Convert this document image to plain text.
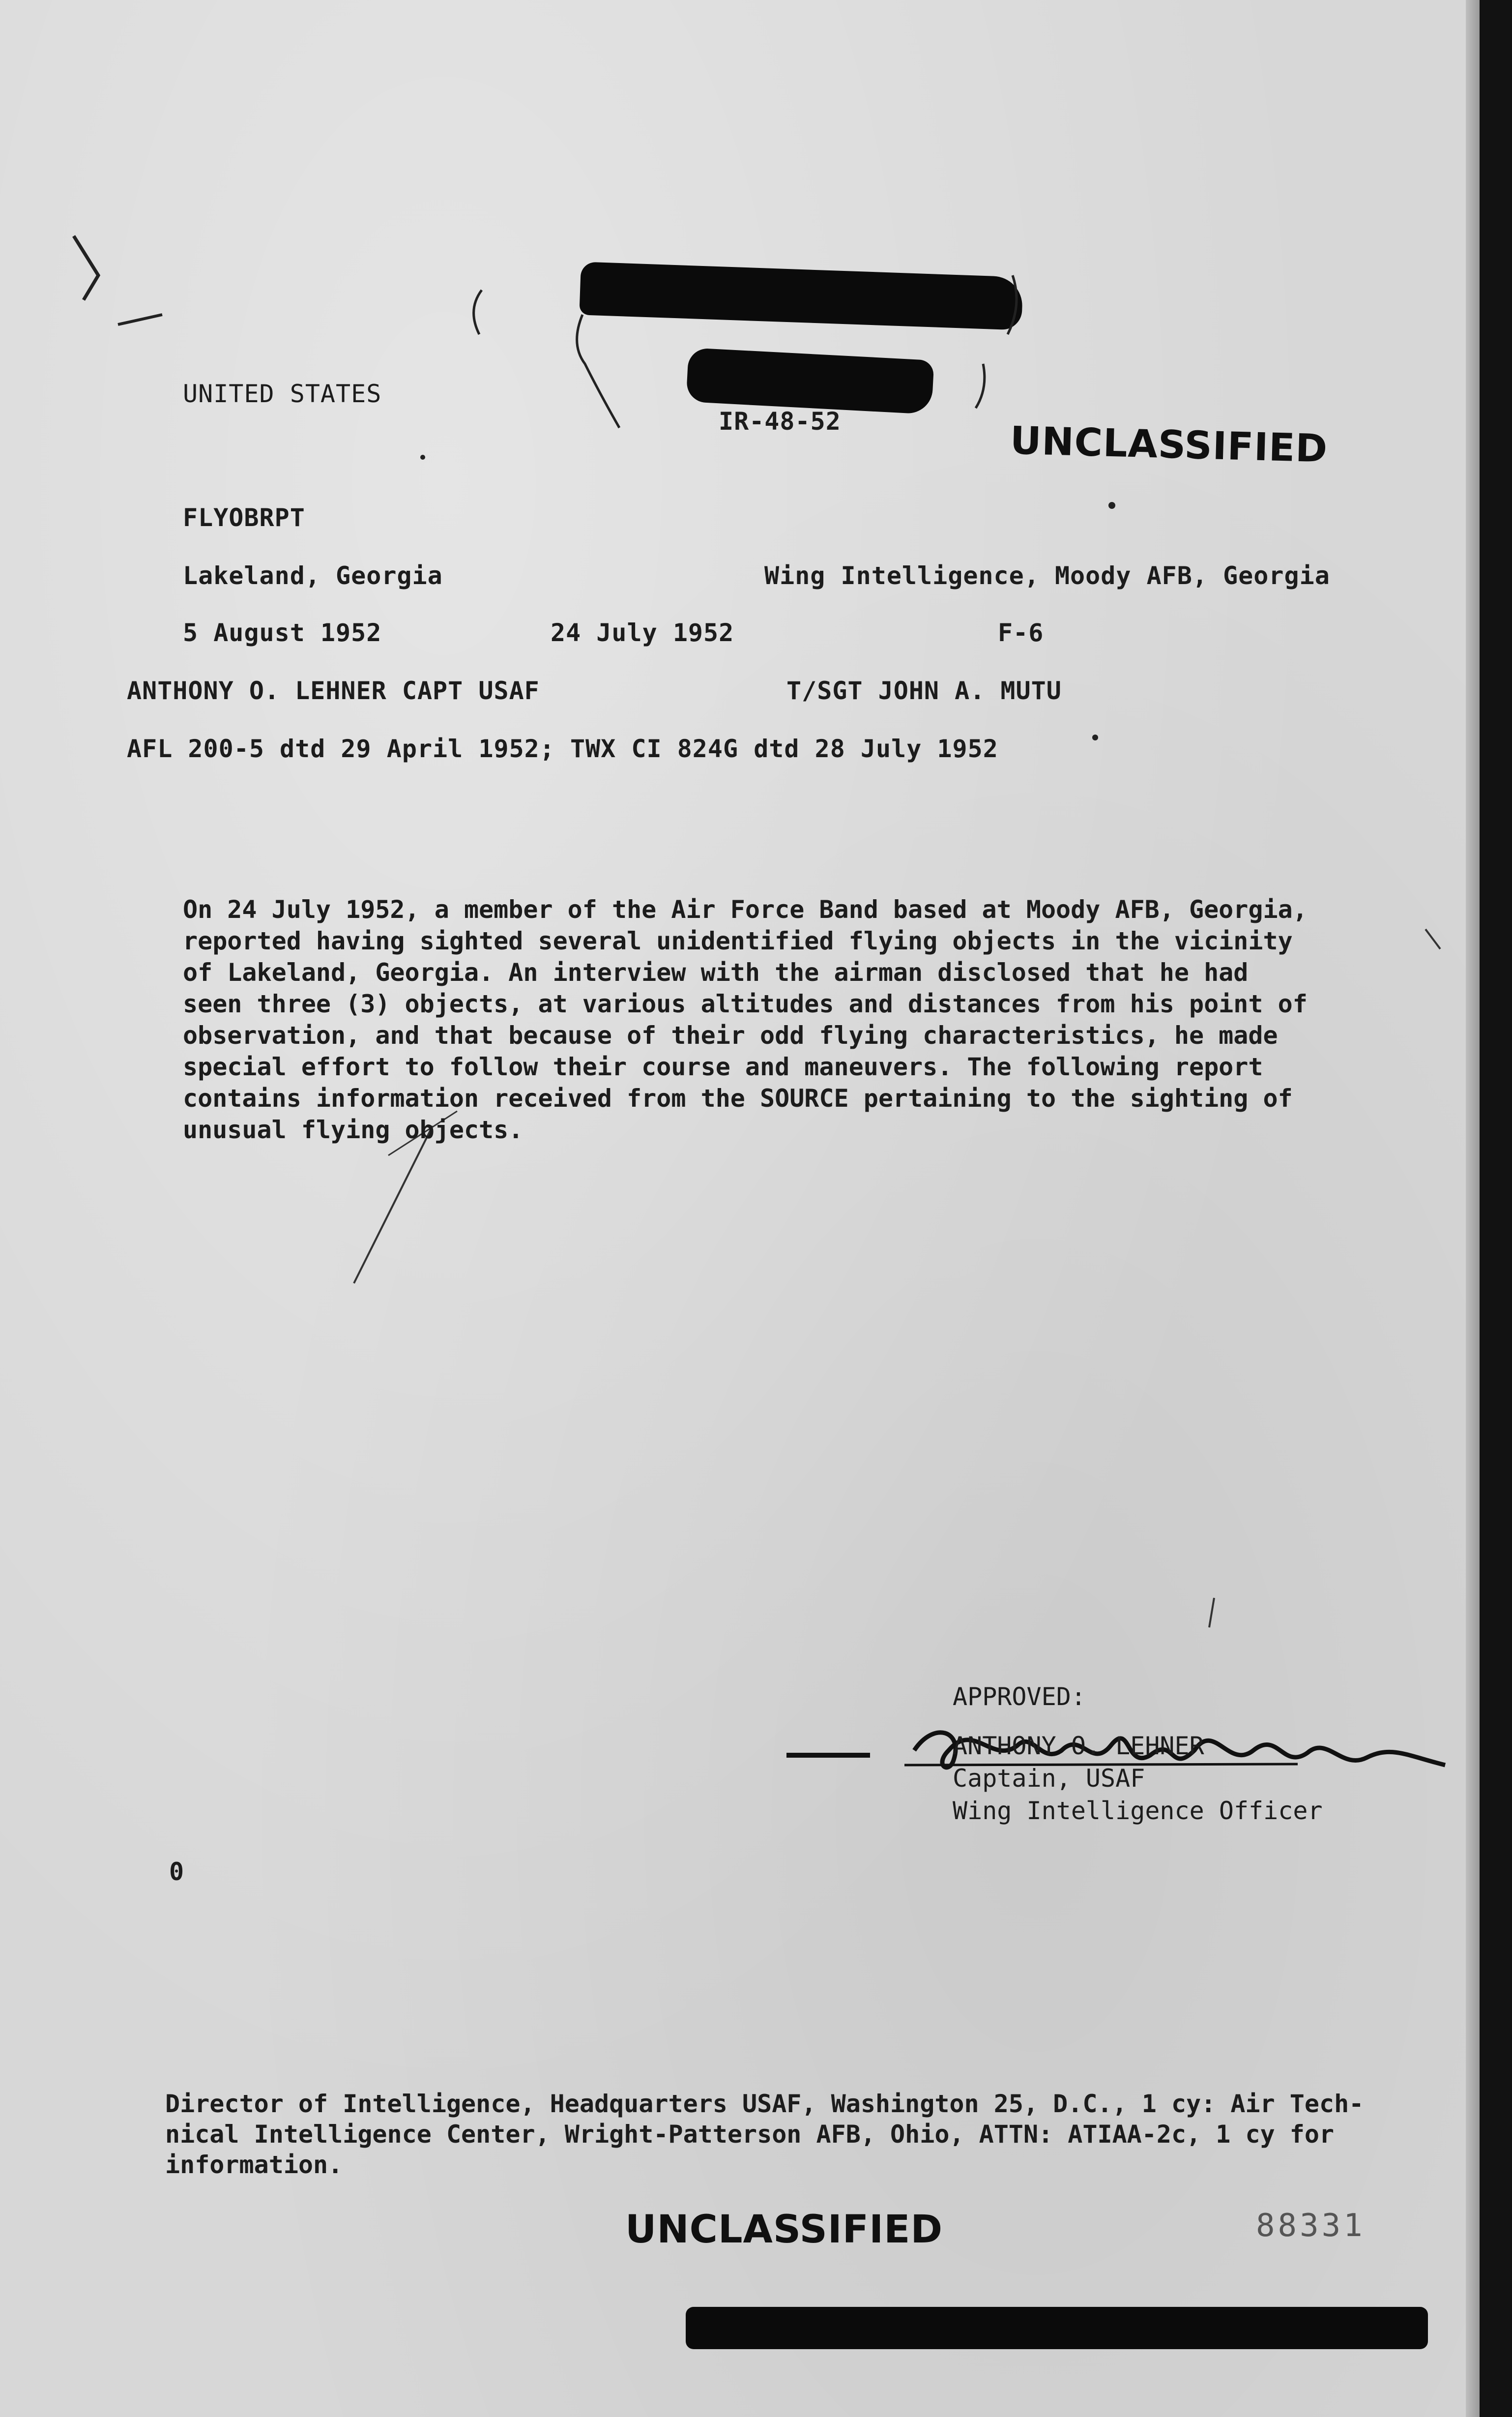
UNITED STATES
IR-48-52	UNCLASSIFIED
FLYOBRPT
Lakeland, Georgia	Wing Intelligence, Moody AFB, Georgia
5 August 1952	24 July 1952	F-6
ANTHONY O. LEHNER CAPT USAF	T/SGT JOHN A. MUTU
AFL 200-5 dtd 29 April 1952; TWX CI 824G dtd 28 July 1952
On 24 July 1952, a member of the Air Force Band based at Moody AFB, Georgia,
reported having sighted several unidentified flying objects in the vicinity
of Lakeland, Georgia. An interview with the airman disclosed that he had
seen three (3) objects, at various altitudes and distances from his point of
observation, and that because of their odd flying characteristics, he made
special effort to follow their course and maneuvers. The following report
contains information received from the SOURCE pertaining to the sighting of
unusual flying objects.
APPROVED:
ANTHONY O. LEHNER
Captain, USAF
Wing Intelligence Officer
0
Director of Intelligence, Headquarters USAF, Washington 25, D.C., 1 cy: Air Tech-
nical Intelligence Center, Wright-Patterson AFB, Ohio, ATTN: ATIAA-2c, 1 cy for
information.
UNCLASSIFIED	88331
